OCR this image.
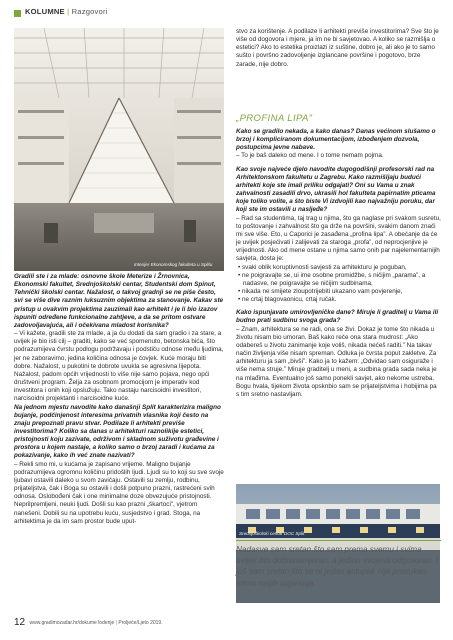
KOLUMNE | Razgovori
Interijer Ekonomskog fakulteta u Splitu

Gradili ste i za mlade: osnovne škole Meterize i Žrnovnica, Ekonomski fakultet, Srednjoškolski centar, Studentski dom Spinut, Tehnički školski centar. Nažalost, o takvoj gradnji se ne piše često, svi se više dive raznim luksuznim objektima za stanovanje. Kakav ste pristup u ovakvim projektima zauzimali kao arhitekt i je li bio izazov ispuniti određene funkcionalne zahtjeve, a da se pritom ostvare zadovoljavajuća, ali i očekivana mladost korisnika?

– Vi kažete, gradili ste za mlade, a ja ću dodati da sam gradio i za stare, a uvijek je bio isti cilj – graditi, kako se već spomenuto, betonska bića, što podrazumijeva čvrstu podlogu podržavaju i podstiču odnose među ljudima, jer ne zaboravimo, jedina količina odnosa je čovjek. Kuće moraju biti dobre. Nažalost, u pukotini te dobrote uvukla se agresivna lijepota. Nažalost, padom općih vrijednosti to više nije samo pojava, nego opći društveni program. Želja za osobnom promocijom je imperativ kod investitora i onih koji opslužuju. Tako nastaju narcisoidni investitori, narcisoidni projektanti i narcisoidne kuće.

Na jednom mjestu navodite kako današnji Split karakterizira maligno bujanje, podčinjenost interesima privatnih vlasnika koji često na znaju prepoznati pravu stvar. Podilaze li arhitekti previše investitorima? Koliko sa danas u arhitekturi raznolikije estetici, pristojnosti koju zazivate, održivom i skladnom suživotu građevine i prostora u kojem nastaje, a koliko samo o brzoj zaradi i kućama za pokazivanje, kako ih već znate nazivati?

– Rekli smo mi, u kućama je zapisano vrijeme. Maligno bujanje podrazumijeva ogromnu količinu pridošlih ljudi. Ljudi su to koji su sve svoje ljubavi ostavili daleko u svom zavičaju. Ostavili su zemlju, rodbinu, prijateljstva, čak i Boga su ostavili i došli potpuno prazni, rastrećeni svih odnosa. Oslobođeni čak i one minimalne doze obvezujuće pristojnosti. Neprilpremljeni, neuki ljudi. Došli su kao prazni „škartoci”, vjetrom nanešeni. Dobili su na upotrebu kuću, susjedstvo i grad. Stoga, na arhitektima je da im sam prostor bude uput-

stvo za korištenje. A podilaze li arhitekti previše investitorima? Sve što je više od dogovora i mjere, ja im ne bi savjetovao. A koliko se razmišlja o estetici? Ako to estetika proizlazi iz suštine, dobro je, ali ako je to samo sušto i površno zadovoljenje izglancane površine i pogotovo, brze zarade, nije dobro.

„PROFINA LIPA”

Kako se gradilo nekada, a kako danas? Danas većinom slušamo o brzoj i kompliciranom dokumentacijom, izbođenjem dozvola, postupcima jevne nabave.

– To je baš daleko od mene. I o tome nemam pojma.

Kao svoje najveće djelo navodite dugogodišnji profesorski rad na Arhitektonskom fakultetu u Zagrebu. Kako razmišljaju budući arhitekti koje ste imali priliku odgajati? Oni su Vama u znak zahvalnosti zasadili drvo, ukrasili hol fakulteta papirnatim pticama koje toliko volite, a što biste Vi izdvojili kao najvažniju poruku, dar koji ste im ostavili u nasljeđe?

– Rad sa studentima, taj trag u njima, što ga naglase pri svakom susretu, to poštovanje i zahvalnost što ga drže na površini, svakim danom znači mi sve više. Eto, u Caporici je zasađena „profina lipa”. A obećanje da će je uvijek posjećivati i zalijevati za staroga „profa”, od neprocjenjive je vrijednosti. Ako od mene ostane u njima samo onih par najelementarnijih savjeta, dosta je:

• svaki oblik koruptivnosti savjesti za arhitekturu je poguban,
• ne poigravajte se, ui ime osobne promidžbe, s ničijim „parama”, a nadasve, ne poigravajte se ničijim sudbinama,
• nikada ne smijete zloupotrijebiti ukazano vam povjerenje,
• ne crtaj blagovaonicu, crtaj ručak.

Kako ispunjavate umirovljeničke dane? Miruje li graditelj u Vama ili budno prati sudbinu svoga grada?

– Znam, arhitektura se ne radi, ona se živi. Dokaz je tome što nikada u životu nisam bio umoran. Baš kako reče ona stara mudrost: „Ako odabereš u životu zanimanje koje voliš, nikada nećeš raditi.” Na takav način življenja više nisam spreman. Odluka je čvrsta poput zakletve. Za arhitekturu ja sam „bivši”. Kako ja to kažem: „Odvidao sam osiguraže i više nema struje.” Miruje graditelj u meni, a sudbina grada sada neka je na mlađima. Eventualno još samo ponekli savjet, ako nekome ustreba. Bogu hvala, tijekom života opsknbio sam se prijateljstvima i hobijima pa s tim sretno nastavljam.

Srednjoškolski centar DOC Split
Nadasve sam sretan što sam prema svemu i svima uvijek bio dobronamjeran, a jedino svojesti odgovoran. I još sam sretan što se ni jedan astupak nije provukao mimo mojih uvjerenja.
12 www.gradimozadar.hr/dokume lodenje | Proljeće/Ljeto 2019.
